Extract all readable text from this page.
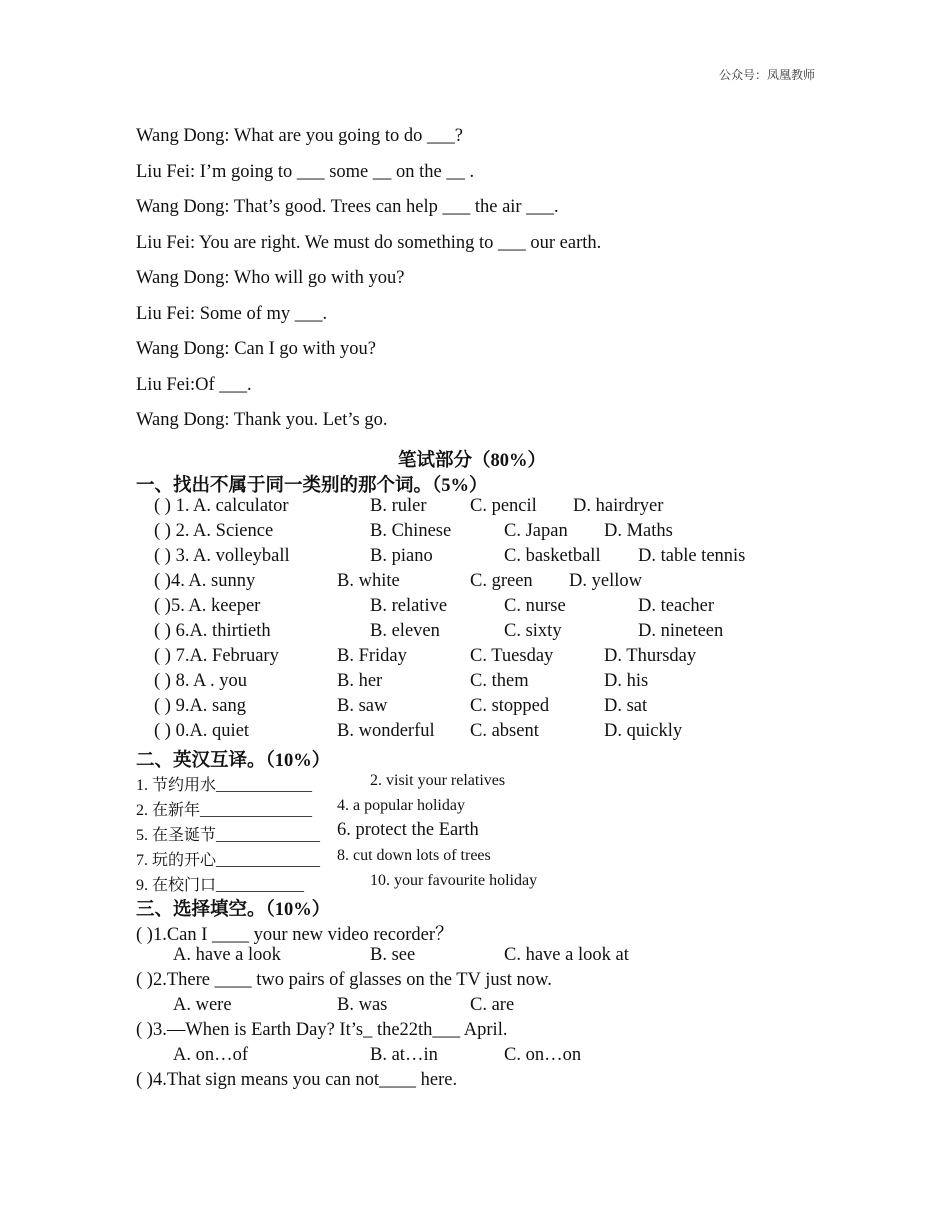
公众号：凤凰教师
Wang Dong: What are you going to do ___?
Liu Fei: I’m going to ___ some __ on the __ .
Wang Dong: That’s good. Trees can help ___ the air ___.
Liu Fei: You are right. We must do something to ___ our earth.
Wang Dong: Who will go with you?
Liu Fei: Some of my ___.
Wang Dong: Can I go with you?
Liu Fei:Of ___.
Wang Dong: Thank you. Let’s go.
笔试部分（80%）
一、找出不属于同一类别的那个词。（5%）
( ) 1. A. calculator	B. ruler C. pencil D. hairdryer
( ) 2. A. Science	B. Chinese	C. Japan D. Maths
( ) 3. A. volleyball	B. piano	C. basketball D. table tennis
( )4. A. sunny	B. white	C. green D. yellow
( )5. A. keeper	B. relative	C. nurse	D. teacher
( ) 6.A. thirtieth	B. eleven	C. sixty	D. nineteen
( ) 7.A. February	B. Friday	C. Tuesday	D. Thursday
( ) 8. A . you	B. her	C. them	D. his
( ) 9.A. sang	B. saw	C. stopped	D. sat
( ) 0.A. quiet	B. wonderful C. absent	D. quickly
二、英汉互译。（10%）
1. 节约用水____________	2. visit your relatives
2. 在新年______________ 4. a popular holiday
5. 在圣诞节_____________ 6. protect the Earth
7. 玩的开心_____________ 8. cut down lots of trees
9. 在校门口___________	10. your favourite holiday
三、选择填空。（10%）
( )1.Can I ____ your new video recorder？
A. have a look	B. see	C. have a look at
( )2.There ____ two pairs of glasses on the TV just now.
A. were	B. was	C. are
( )3.—When is Earth Day? It’s_ the22th___ April.
A. on…of	B. at…in	C. on…on
( )4.That sign means you can not____ here.
